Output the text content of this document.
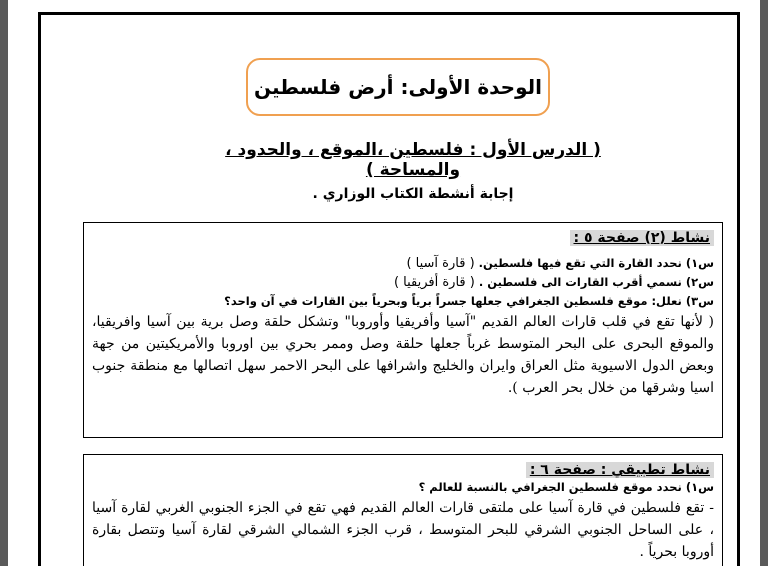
الوحدة الأولى: أرض فلسطين
( الدرس الأول : فلسطين ،الموقع ، والحدود ، والمساحة )
إجابة أنشطة الكتاب الوزاري .
نشاط (٢) صفحة ٥ :
س١) نحدد القارة التي تقع فيها فلسطين. ( قارة آسيا )
س٢) نسمي أقرب القارات الى فلسطين . ( قارة أفريقيا )
س٣) نعلل: موقع فلسطين الجغرافي جعلها جسراً برياً وبحرياً بين القارات في آن واحد؟
( لأنها تقع في قلب قارات العالم القديم "آسيا وأفريقيا وأوروبا" وتشكل حلقة وصل برية بين آسيا وافريقيا، والموقع البحرى على البحر المتوسط غرباً جعلها حلقة وصل وممر بحري بين اوروبا والأمريكيتين من جهة وبعض الدول الاسيوية مثل العراق وايران والخليج واشرافها على البحر الاحمر سهل اتصالها مع منطقة جنوب اسيا وشرقها من خلال بحر العرب ).
نشاط تطبيقي : صفحة ٦ :
س١) نحدد موقع فلسطين الجغرافي بالنسبة للعالم ؟
- تقع فلسطين في قارة آسيا على ملتقى قارات العالم القديم فهي تقع في الجزء الجنوبي الغربي لقارة آسيا ، على الساحل الجنوبي الشرقي للبحر المتوسط ، قرب الجزء الشمالي الشرقي لقارة آسيا وتتصل بقارة أوروبا بحرياً .
